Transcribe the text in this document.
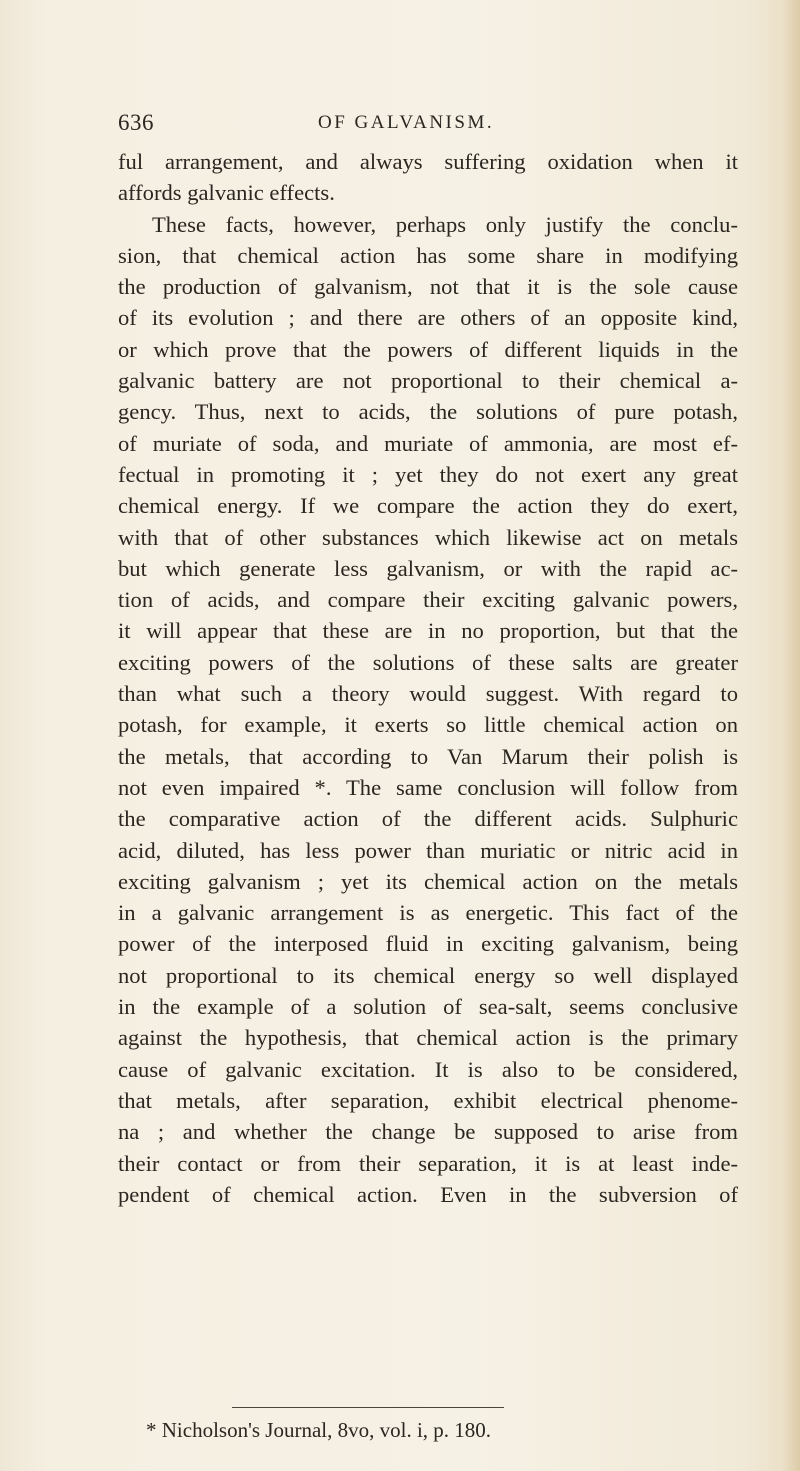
636	OF GALVANISM.
ful arrangement, and always suffering oxidation when it
affords galvanic effects.
These facts, however, perhaps only justify the conclu-
sion, that chemical action has some share in modifying
the production of galvanism, not that it is the sole cause
of its evolution ; and there are others of an opposite kind,
or which prove that the powers of different liquids in the
galvanic battery are not proportional to their chemical a-
gency. Thus, next to acids, the solutions of pure potash,
of muriate of soda, and muriate of ammonia, are most ef-
fectual in promoting it ; yet they do not exert any great
chemical energy. If we compare the action they do exert,
with that of other substances which likewise act on metals
but which generate less galvanism, or with the rapid ac-
tion of acids, and compare their exciting galvanic powers,
it will appear that these are in no proportion, but that the
exciting powers of the solutions of these salts are greater
than what such a theory would suggest. With regard to
potash, for example, it exerts so little chemical action on
the metals, that according to Van Marum their polish is
not even impaired *. The same conclusion will follow from
the comparative action of the different acids. Sulphuric
acid, diluted, has less power than muriatic or nitric acid in
exciting galvanism ; yet its chemical action on the metals
in a galvanic arrangement is as energetic. This fact of the
power of the interposed fluid in exciting galvanism, being
not proportional to its chemical energy so well displayed
in the example of a solution of sea-salt, seems conclusive
against the hypothesis, that chemical action is the primary
cause of galvanic excitation. It is also to be considered,
that metals, after separation, exhibit electrical phenome-
na ; and whether the change be supposed to arise from
their contact or from their separation, it is at least inde-
pendent of chemical action. Even in the subversion of
* Nicholson's Journal, 8vo, vol. i, p. 180.
